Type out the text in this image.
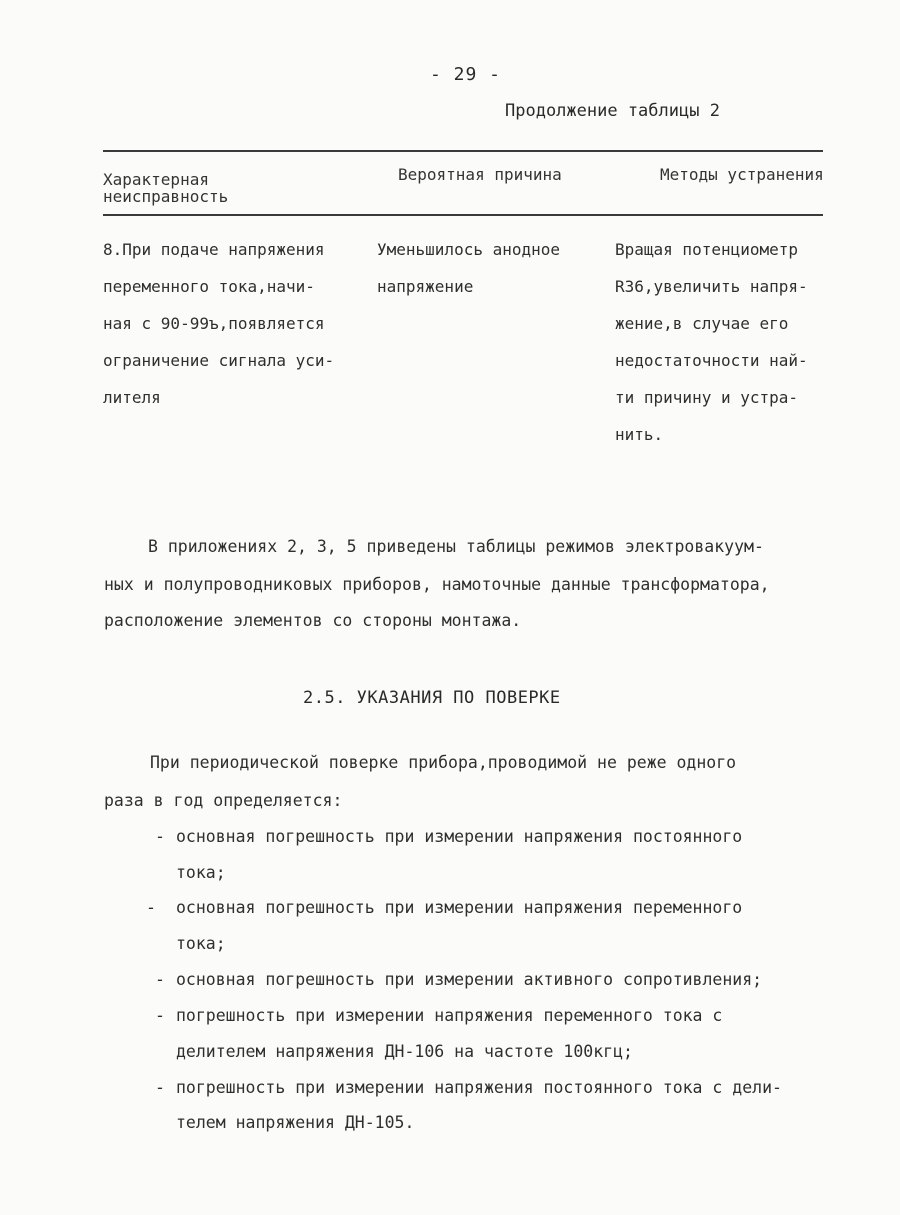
- 29 -
Продолжение таблицы 2
Характерная неисправность
Вероятная причина	Методы устранения
8.При подаче напряжения
переменного тока,начи-
ная с 90-99ъ,появляется
ограничение сигнала уси-
лителя
Уменьшилось анодное
напряжение
Вращая потенциометр
R36,увеличить напря-
жение,в случае его
недостаточности най-
ти причину и устра-
нить.
В приложениях 2, 3, 5 приведены таблицы режимов электровакуум-
ных и полупроводниковых приборов, намоточные данные трансформатора,
расположение элементов со стороны монтажа.
2.5. УКАЗАНИЯ ПО ПОВЕРКЕ
При периодической поверке прибора,проводимой не реже одного
раза в год определяется:
- основная погрешность при измерении напряжения постоянного
тока;
- основная погрешность при измерении напряжения переменного
тока;
- основная погрешность при измерении активного сопротивления;
- погрешность при измерении напряжения переменного тока с
делителем напряжения ДН-106 на частоте 100кгц;
- погрешность при измерении напряжения постоянного тока с дели-
телем напряжения ДН-105.
